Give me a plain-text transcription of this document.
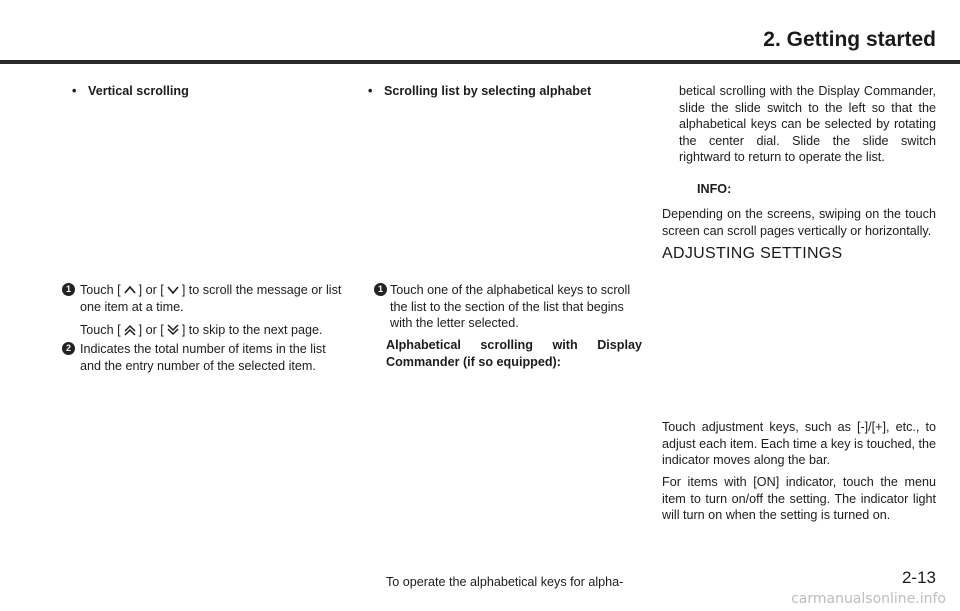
2. Getting started
• Vertical scrolling
1 Touch [ ] or [ ] to scroll the message or list one item at a time.
Touch [ ] or [ ] to skip to the next page.
2 Indicates the total number of items in the list and the entry number of the selected item.
• Scrolling list by selecting alphabet
1 Touch one of the alphabetical keys to scroll the list to the section of the list that begins with the letter selected.
Alphabetical scrolling with Display Commander (if so equipped):
To operate the alphabetical keys for alpha-
betical scrolling with the Display Commander, slide the slide switch to the left so that the alphabetical keys can be selected by rotating the center dial. Slide the slide switch rightward to return to operate the list.
INFO:
Depending on the screens, swiping on the touch screen can scroll pages vertically or horizontally.
ADJUSTING SETTINGS
Touch adjustment keys, such as [-]/[+], etc., to adjust each item. Each time a key is touched, the indicator moves along the bar.
For items with [ON] indicator, touch the menu item to turn on/off the setting. The indicator light will turn on when the setting is turned on.
2-13
carmanualsonline.info
